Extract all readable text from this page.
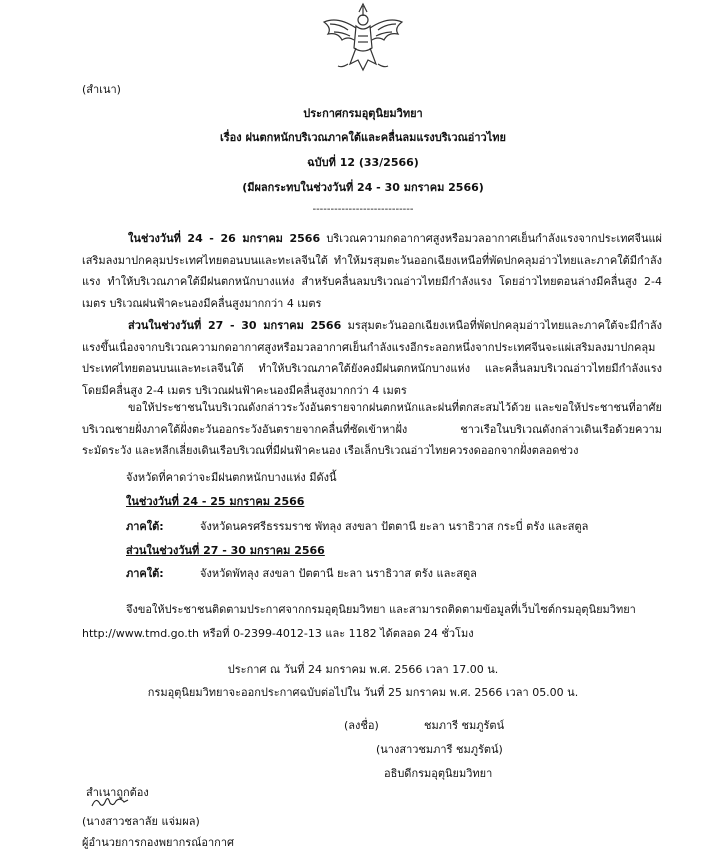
(สำเนา)
ประกาศกรมอุตุนิยมวิทยา
เรื่อง ฝนตกหนักบริเวณภาคใต้และคลื่นลมแรงบริเวณอ่าวไทย
ฉบับที่ 12 (33/2566)
(มีผลกระทบในช่วงวันที่ 24 - 30 มกราคม 2566)
----------------------------
ในช่วงวันที่ 24 - 26 มกราคม 2566 บริเวณความกดอากาศสูงหรือมวลอากาศเย็นกำลังแรงจากประเทศจีนแผ่เสริมลงมาปกคลุมประเทศไทยตอนบนและทะเลจีนใต้ ทำให้มรสุมตะวันออกเฉียงเหนือที่พัดปกคลุมอ่าวไทยและภาคใต้มีกำลังแรง ทำให้บริเวณภาคใต้มีฝนตกหนักบางแห่ง สำหรับคลื่นลมบริเวณอ่าวไทยมีกำลังแรง โดยอ่าวไทยตอนล่างมีคลื่นสูง 2-4 เมตร บริเวณฝนฟ้าคะนองมีคลื่นสูงมากกว่า 4 เมตร
ส่วนในช่วงวันที่ 27 - 30 มกราคม 2566 มรสุมตะวันออกเฉียงเหนือที่พัดปกคลุมอ่าวไทยและภาคใต้จะมีกำลังแรงขึ้นเนื่องจากบริเวณความกดอากาศสูงหรือมวลอากาศเย็นกำลังแรงอีกระลอกหนึ่งจากประเทศจีนจะแผ่เสริมลงมาปกคลุมประเทศไทยตอนบนและทะเลจีนใต้ ทำให้บริเวณภาคใต้ยังคงมีฝนตกหนักบางแห่ง และคลื่นลมบริเวณอ่าวไทยมีกำลังแรง โดยมีคลื่นสูง 2-4 เมตร บริเวณฝนฟ้าคะนองมีคลื่นสูงมากกว่า 4 เมตร
ขอให้ประชาชนในบริเวณดังกล่าวระวังอันตรายจากฝนตกหนักและฝนที่ตกสะสมไว้ด้วย และขอให้ประชาชนที่อาศัยบริเวณชายฝั่งภาคใต้ฝั่งตะวันออกระวังอันตรายจากคลื่นที่ซัดเข้าหาฝั่ง ชาวเรือในบริเวณดังกล่าวเดินเรือด้วยความระมัดระวัง และหลีกเลี่ยงเดินเรือบริเวณที่มีฝนฟ้าคะนอง เรือเล็กบริเวณอ่าวไทยควรงดออกจากฝั่งตลอดช่วง
จังหวัดที่คาดว่าจะมีฝนตกหนักบางแห่ง มีดังนี้
ในช่วงวันที่ 24 - 25 มกราคม 2566
ภาคใต้:	จังหวัดนครศรีธรรมราช พัทลุง สงขลา ปัตตานี ยะลา นราธิวาส กระบี่ ตรัง และสตูล
ส่วนในช่วงวันที่ 27 - 30 มกราคม 2566
ภาคใต้:	จังหวัดพัทลุง สงขลา ปัตตานี ยะลา นราธิวาส ตรัง และสตูล
จึงขอให้ประชาชนติดตามประกาศจากกรมอุตุนิยมวิทยา และสามารถติดตามข้อมูลที่เว็บไซต์กรมอุตุนิยมวิทยา
http://www.tmd.go.th หรือที่ 0-2399-4012-13 และ 1182 ได้ตลอด 24 ชั่วโมง
ประกาศ ณ วันที่ 24 มกราคม พ.ศ. 2566 เวลา 17.00 น.
กรมอุตุนิยมวิทยาจะออกประกาศฉบับต่อไปใน วันที่ 25 มกราคม พ.ศ. 2566 เวลา 05.00 น.
(ลงชื่อ)	ชมภารี ชมภูรัตน์
(นางสาวชมภารี ชมภูรัตน์)
อธิบดีกรมอุตุนิยมวิทยา
สำเนาถูกต้อง
(นางสาวชลาลัย แจ่มผล)
ผู้อำนวยการกองพยากรณ์อากาศ
